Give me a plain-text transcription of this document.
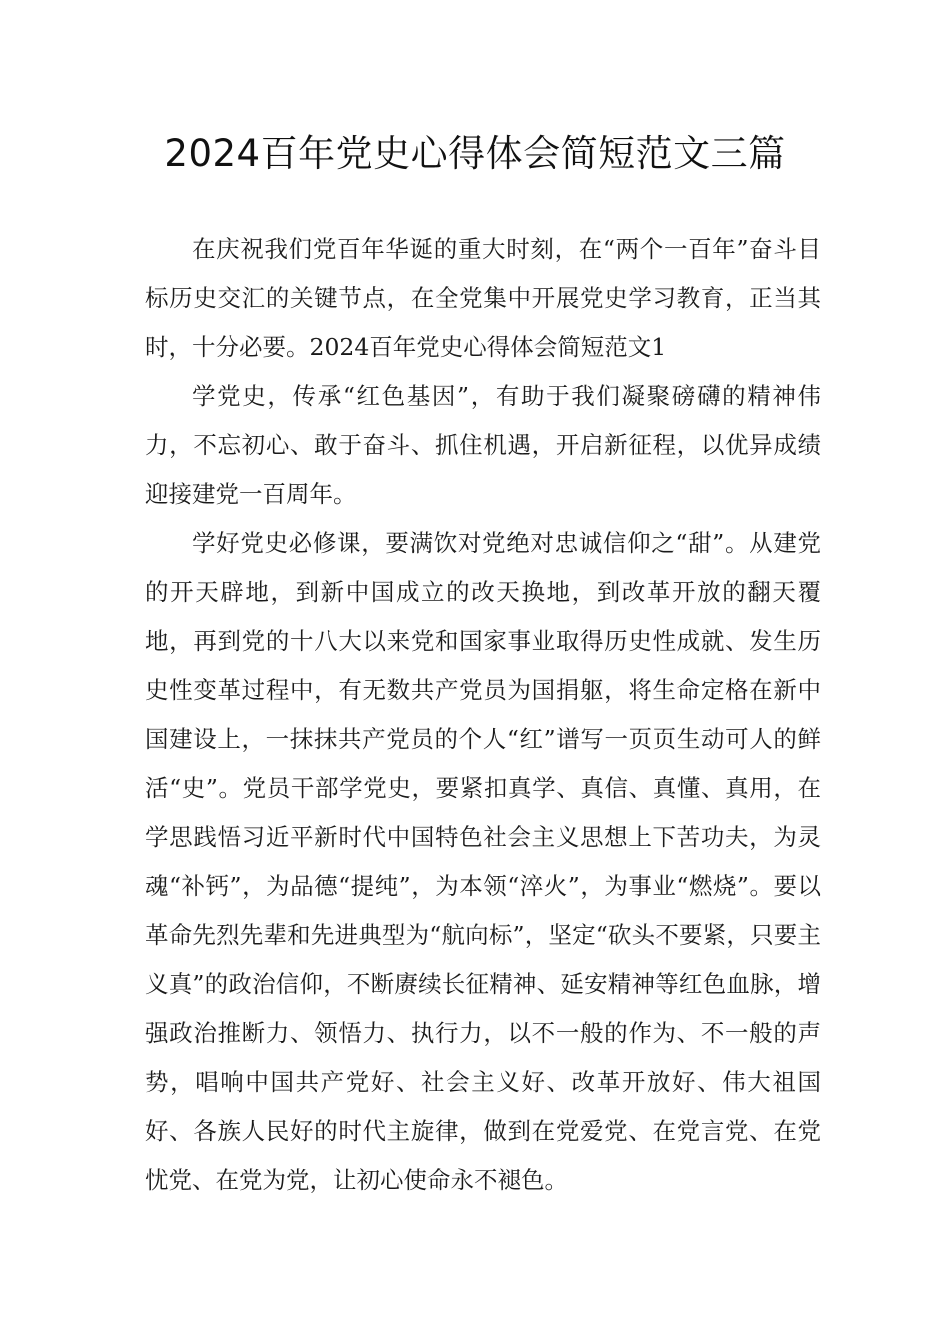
2024百年党史心得体会简短范文三篇

在庆祝我们党百年华诞的重大时刻，在“两个一百年”奋斗目标历史交汇的关键节点，在全党集中开展党史学习教育，正当其时，十分必要。2024百年党史心得体会简短范文1

学党史，传承“红色基因”，有助于我们凝聚磅礴的精神伟力，不忘初心、敢于奋斗、抓住机遇，开启新征程，以优异成绩迎接建党一百周年。

学好党史必修课，要满饮对党绝对忠诚信仰之“甜”。从建党的开天辟地，到新中国成立的改天换地，到改革开放的翻天覆地，再到党的十八大以来党和国家事业取得历史性成就、发生历史性变革过程中，有无数共产党员为国捐躯，将生命定格在新中国建设上，一抹抹共产党员的个人“红”谱写一页页生动可人的鲜活“史”。党员干部学党史，要紧扣真学、真信、真懂、真用，在学思践悟习近平新时代中国特色社会主义思想上下苦功夫，为灵魂“补钙”，为品德“提纯”，为本领“淬火”，为事业“燃烧”。要以革命先烈先辈和先进典型为“航向标”，坚定“砍头不要紧，只要主义真”的政治信仰，不断赓续长征精神、延安精神等红色血脉，增强政治推断力、领悟力、执行力，以不一般的作为、不一般的声势，唱响中国共产党好、社会主义好、改革开放好、伟大祖国好、各族人民好的时代主旋律，做到在党爱党、在党言党、在党忧党、在党为党，让初心使命永不褪色。
